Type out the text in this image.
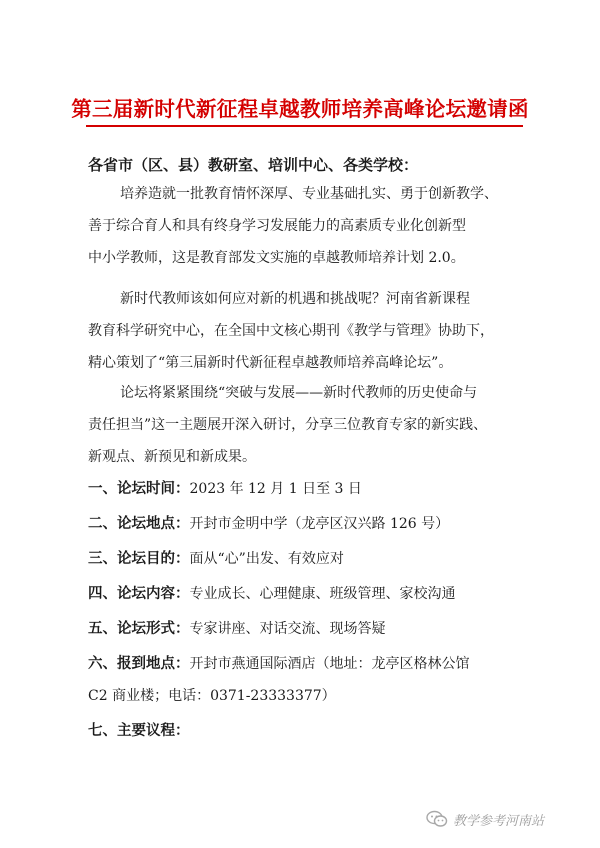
第三届新时代新征程卓越教师培养高峰论坛邀请函
各省市（区、县）教研室、培训中心、各类学校：

培养造就一批教育情怀深厚、专业基础扎实、勇于创新教学、

善于综合育人和具有终身学习发展能力的高素质专业化创新型
中小学教师，这是教育部发文实施的卓越教师培养计划 2.0。

新时代教师该如何应对新的机遇和挑战呢？河南省新课程

教育科学研究中心，在全国中文核心期刊《教学与管理》协助下，
精心策划了“第三届新时代新征程卓越教师培养高峰论坛”。

论坛将紧紧围绕“突破与发展——新时代教师的历史使命与

责任担当”这一主题展开深入研讨，分享三位教育专家的新实践、
新观点、新预见和新成果。
一、论坛时间：2023 年 12 月 1 日至 3 日
二、论坛地点：开封市金明中学（龙亭区汉兴路 126 号）
三、论坛目的：面从“心”出发、有效应对
四、论坛内容：专业成长、心理健康、班级管理、家校沟通
五、论坛形式：专家讲座、对话交流、现场答疑
六、报到地点：开封市燕通国际酒店（地址：龙亭区格林公馆
C2 商业楼；电话：0371-23333377）
七、主要议程：
教学参考河南站
